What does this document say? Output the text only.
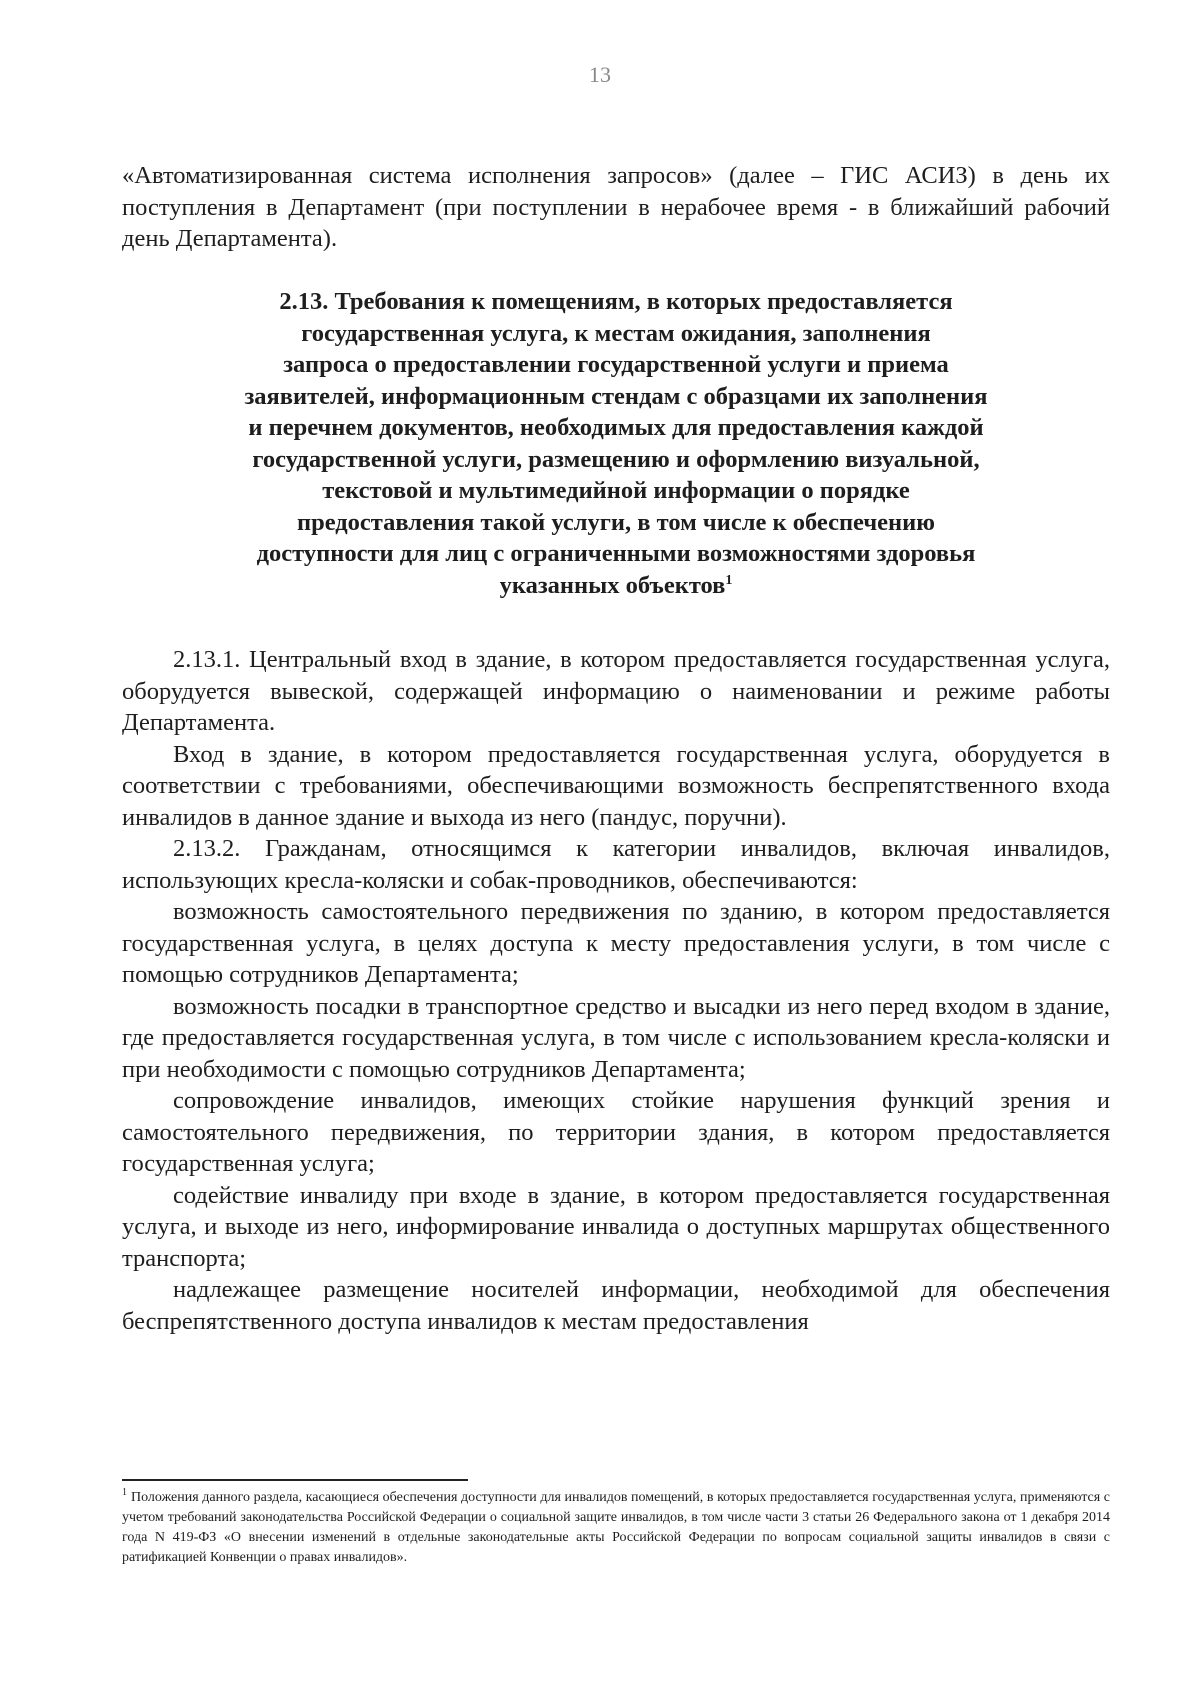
13

«Автоматизированная система исполнения запросов» (далее – ГИС АСИЗ) в день их поступления в Департамент (при поступлении в нерабочее время - в ближайший рабочий день Департамента).

2.13. Требования к помещениям, в которых предоставляется
государственная услуга, к местам ожидания, заполнения
запроса о предоставлении государственной услуги и приема
заявителей, информационным стендам с образцами их заполнения
и перечнем документов, необходимых для предоставления каждой
государственной услуги, размещению и оформлению визуальной,
текстовой и мультимедийной информации о порядке
предоставления такой услуги, в том числе к обеспечению
доступности для лиц с ограниченными возможностями здоровья
указанных объектов$^1$

2.13.1. Центральный вход в здание, в котором предоставляется государственная услуга, оборудуется вывеской, содержащей информацию о наименовании и режиме работы Департамента.

Вход в здание, в котором предоставляется государственная услуга, оборудуется в соответствии с требованиями, обеспечивающими возможность беспрепятственного входа инвалидов в данное здание и выхода из него (пандус, поручни).

2.13.2. Гражданам, относящимся к категории инвалидов, включая инвалидов, использующих кресла-коляски и собак-проводников, обеспечиваются:

возможность самостоятельного передвижения по зданию, в котором предоставляется государственная услуга, в целях доступа к месту предоставления услуги, в том числе с помощью сотрудников Департамента;

возможность посадки в транспортное средство и высадки из него перед входом в здание, где предоставляется государственная услуга, в том числе с использованием кресла-коляски и при необходимости с помощью сотрудников Департамента;

сопровождение инвалидов, имеющих стойкие нарушения функций зрения и самостоятельного передвижения, по территории здания, в котором предоставляется государственная услуга;

содействие инвалиду при входе в здание, в котором предоставляется государственная услуга, и выходе из него, информирование инвалида о доступных маршрутах общественного транспорта;

надлежащее размещение носителей информации, необходимой для обеспечения беспрепятственного доступа инвалидов к местам предоставления

$^1$ Положения данного раздела, касающиеся обеспечения доступности для инвалидов помещений, в которых предоставляется государственная услуга, применяются с учетом требований законодательства Российской Федерации о социальной защите инвалидов, в том числе части 3 статьи 26 Федерального закона от 1 декабря 2014 года N 419-ФЗ «О внесении изменений в отдельные законодательные акты Российской Федерации по вопросам социальной защиты инвалидов в связи с ратификацией Конвенции о правах инвалидов».
